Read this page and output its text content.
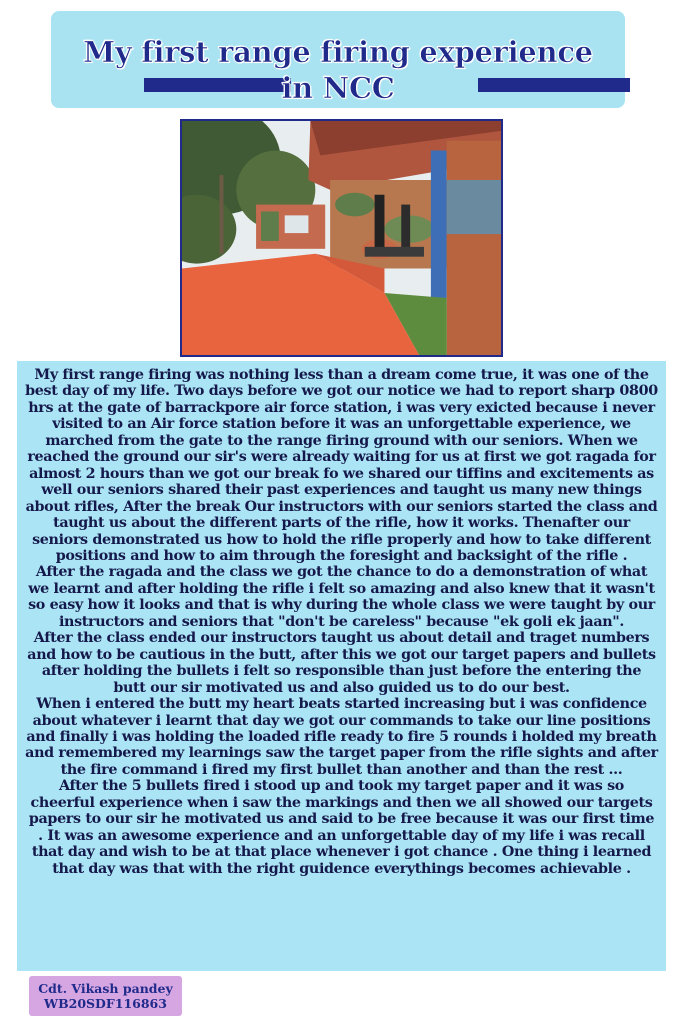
My first range firing experience
in NCC

My first range firing was nothing less than a dream come true, it was one of the best day of my life. Two days before we got our notice we had to report sharp 0800 hrs at the gate of barrackpore air force station, i was very exicted because i never visited to an Air force station before it was an unforgettable experience, we marched from the gate to the range firing ground with our seniors. When we reached the ground our sir's were already waiting for us at first we got ragada for almost 2 hours than we got our break fo we shared our tiffins and excitements as well our seniors shared their past experiences and taught us many new things about rifles, After the break Our instructors with our seniors started the class and taught us about the different parts of the rifle, how it works. Thenafter our seniors demonstrated us how to hold the rifle properly and how to take different positions and how to aim through the foresight and backsight of the rifle .

After the ragada and the class we got the chance to do a demonstration of what we learnt and after holding the rifle i felt so amazing and also knew that it wasn't so easy how it looks and that is why during the whole class we were taught by our instructors and seniors that "don't be careless" because "ek goli ek jaan".

After the class ended our instructors taught us about detail and traget numbers and how to be cautious in the butt, after this we got our target papers and bullets after holding the bullets i felt so responsible than just before the entering the butt our sir motivated us and also guided us to do our best.

When i entered the butt my heart beats started increasing but i was confidence about whatever i learnt that day we got our commands to take our line positions and finally i was holding the loaded rifle ready to fire 5 rounds i holded my breath and remembered my learnings saw the target paper from the rifle sights and after the fire command i fired my first bullet than another and than the rest ...

After the 5 bullets fired i stood up and took my target paper and it was so cheerful experience when i saw the markings and then we all showed our targets papers to our sir he motivated us and said to be free because it was our first time . It was an awesome experience and an unforgettable day of my life i was recall that day and wish to be at that place whenever i got chance . One thing i learned that day was that with the right guidence everythings becomes achievable .

Cdt. Vikash pandey
WB20SDF116863
